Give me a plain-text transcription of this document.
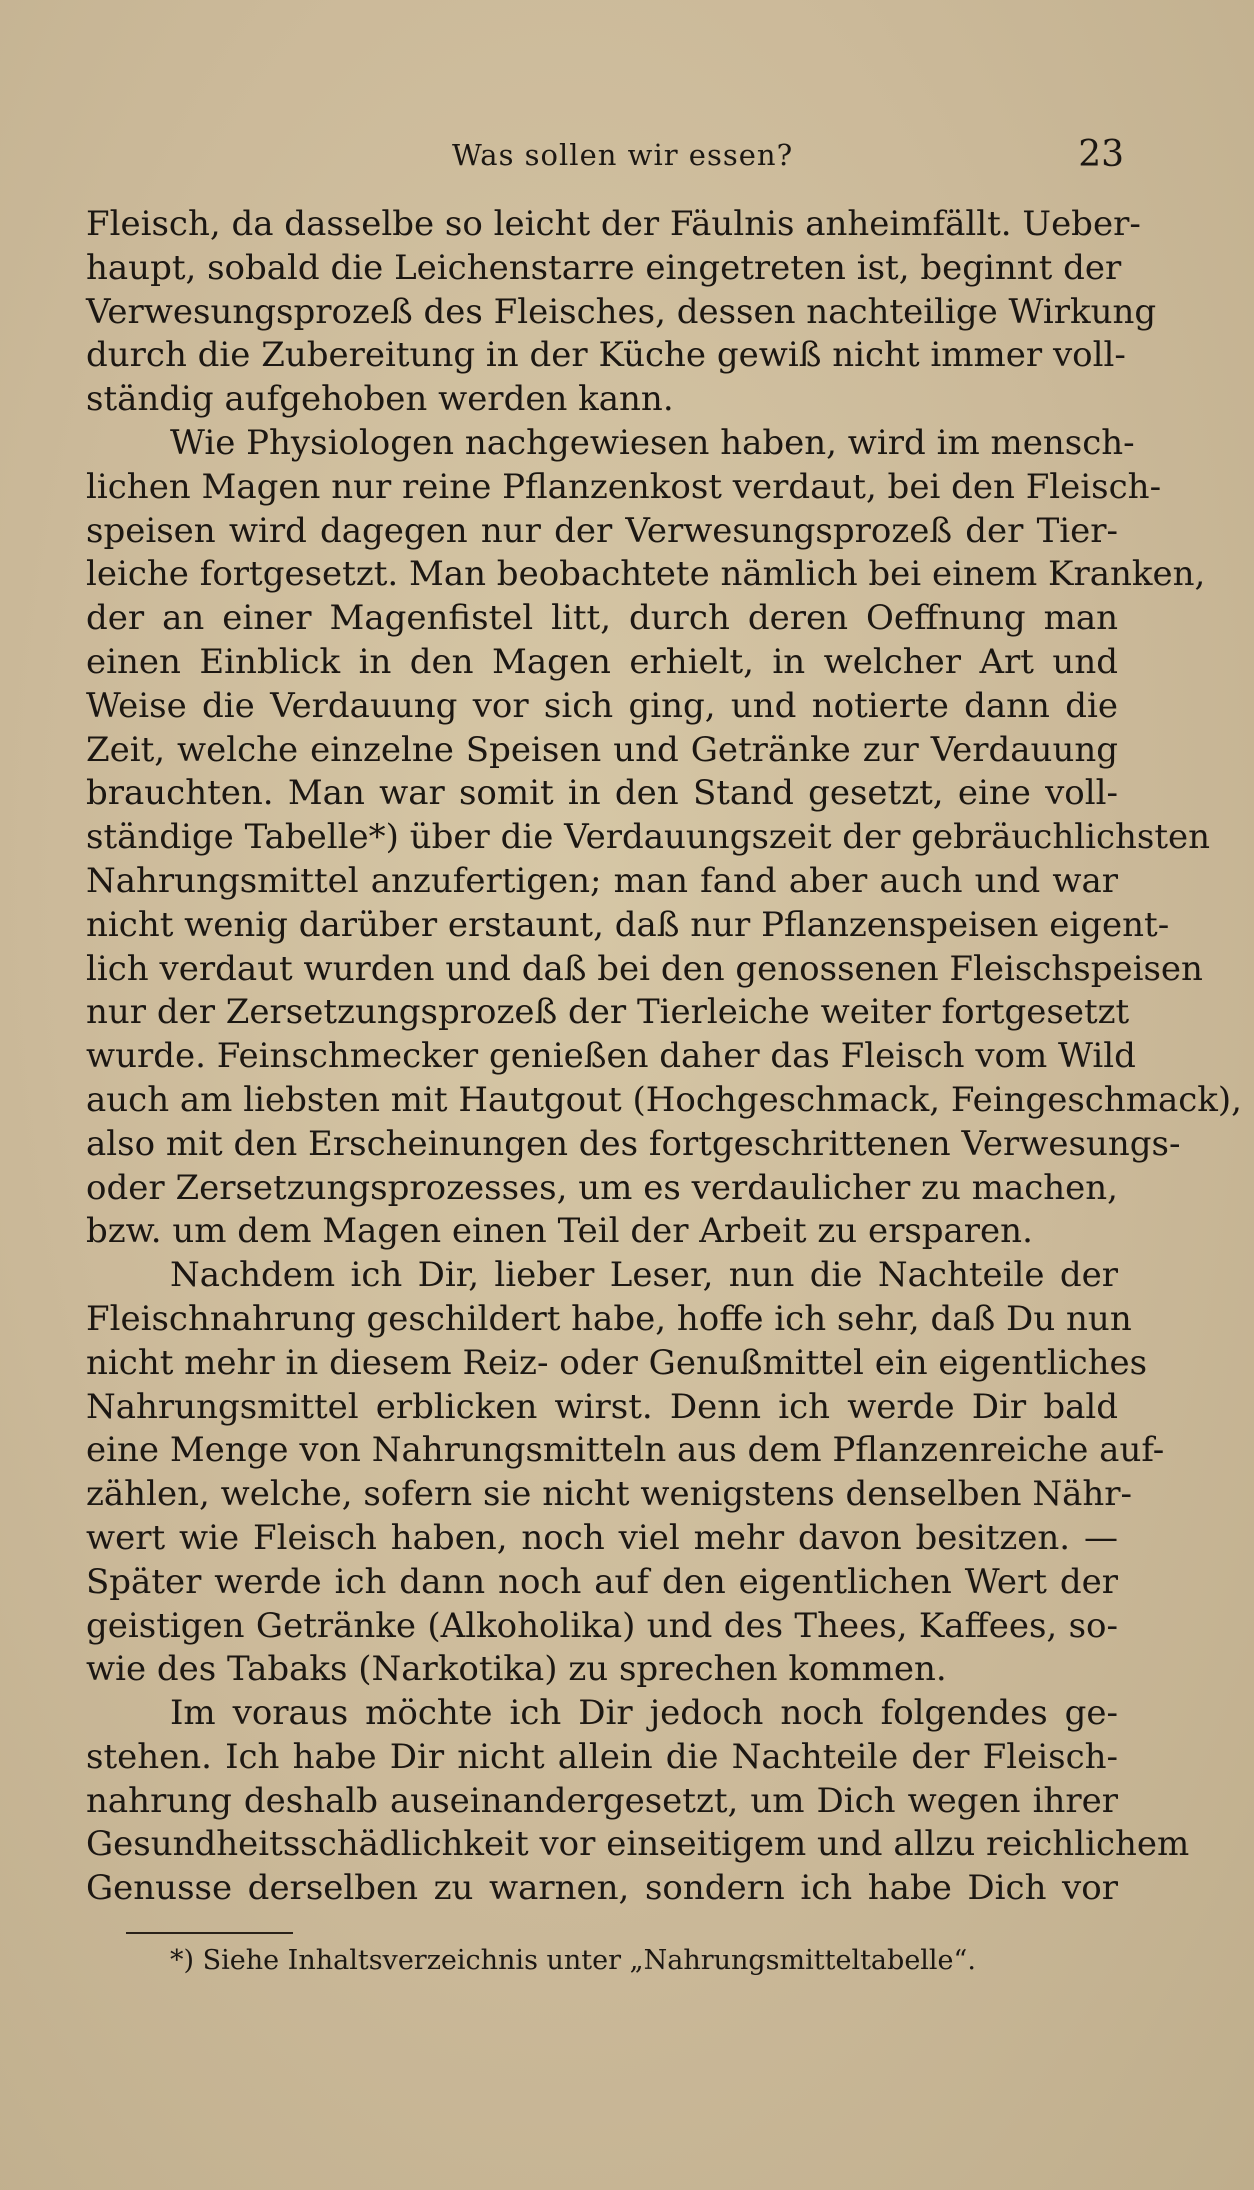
Was sollen wir essen?	23
Fleisch, da dasselbe so leicht der Fäulnis anheimfällt. Ueber-
haupt, sobald die Leichenstarre eingetreten ist, beginnt der
Verwesungsprozeß des Fleisches, dessen nachteilige Wirkung
durch die Zubereitung in der Küche gewiß nicht immer voll-
ständig aufgehoben werden kann.
Wie Physiologen nachgewiesen haben, wird im mensch-
lichen Magen nur reine Pflanzenkost verdaut, bei den Fleisch-
speisen wird dagegen nur der Verwesungsprozeß der Tier-
leiche fortgesetzt. Man beobachtete nämlich bei einem Kranken,
der an einer Magenfistel litt, durch deren Oeffnung man
einen Einblick in den Magen erhielt, in welcher Art und
Weise die Verdauung vor sich ging, und notierte dann die
Zeit, welche einzelne Speisen und Getränke zur Verdauung
brauchten. Man war somit in den Stand gesetzt, eine voll-
ständige Tabelle*) über die Verdauungszeit der gebräuchlichsten
Nahrungsmittel anzufertigen; man fand aber auch und war
nicht wenig darüber erstaunt, daß nur Pflanzenspeisen eigent-
lich verdaut wurden und daß bei den genossenen Fleischspeisen
nur der Zersetzungsprozeß der Tierleiche weiter fortgesetzt
wurde. Feinschmecker genießen daher das Fleisch vom Wild
auch am liebsten mit Hautgout (Hochgeschmack, Feingeschmack),
also mit den Erscheinungen des fortgeschrittenen Verwesungs-
oder Zersetzungsprozesses, um es verdaulicher zu machen,
bzw. um dem Magen einen Teil der Arbeit zu ersparen.
Nachdem ich Dir, lieber Leser, nun die Nachteile der
Fleischnahrung geschildert habe, hoffe ich sehr, daß Du nun
nicht mehr in diesem Reiz- oder Genußmittel ein eigentliches
Nahrungsmittel erblicken wirst. Denn ich werde Dir bald
eine Menge von Nahrungsmitteln aus dem Pflanzenreiche auf-
zählen, welche, sofern sie nicht wenigstens denselben Nähr-
wert wie Fleisch haben, noch viel mehr davon besitzen. —
Später werde ich dann noch auf den eigentlichen Wert der
geistigen Getränke (Alkoholika) und des Thees, Kaffees, so-
wie des Tabaks (Narkotika) zu sprechen kommen.
Im voraus möchte ich Dir jedoch noch folgendes ge-
stehen. Ich habe Dir nicht allein die Nachteile der Fleisch-
nahrung deshalb auseinandergesetzt, um Dich wegen ihrer
Gesundheitsschädlichkeit vor einseitigem und allzu reichlichem
Genusse derselben zu warnen, sondern ich habe Dich vor
*) Siehe Inhaltsverzeichnis unter „Nahrungsmitteltabelle“.
